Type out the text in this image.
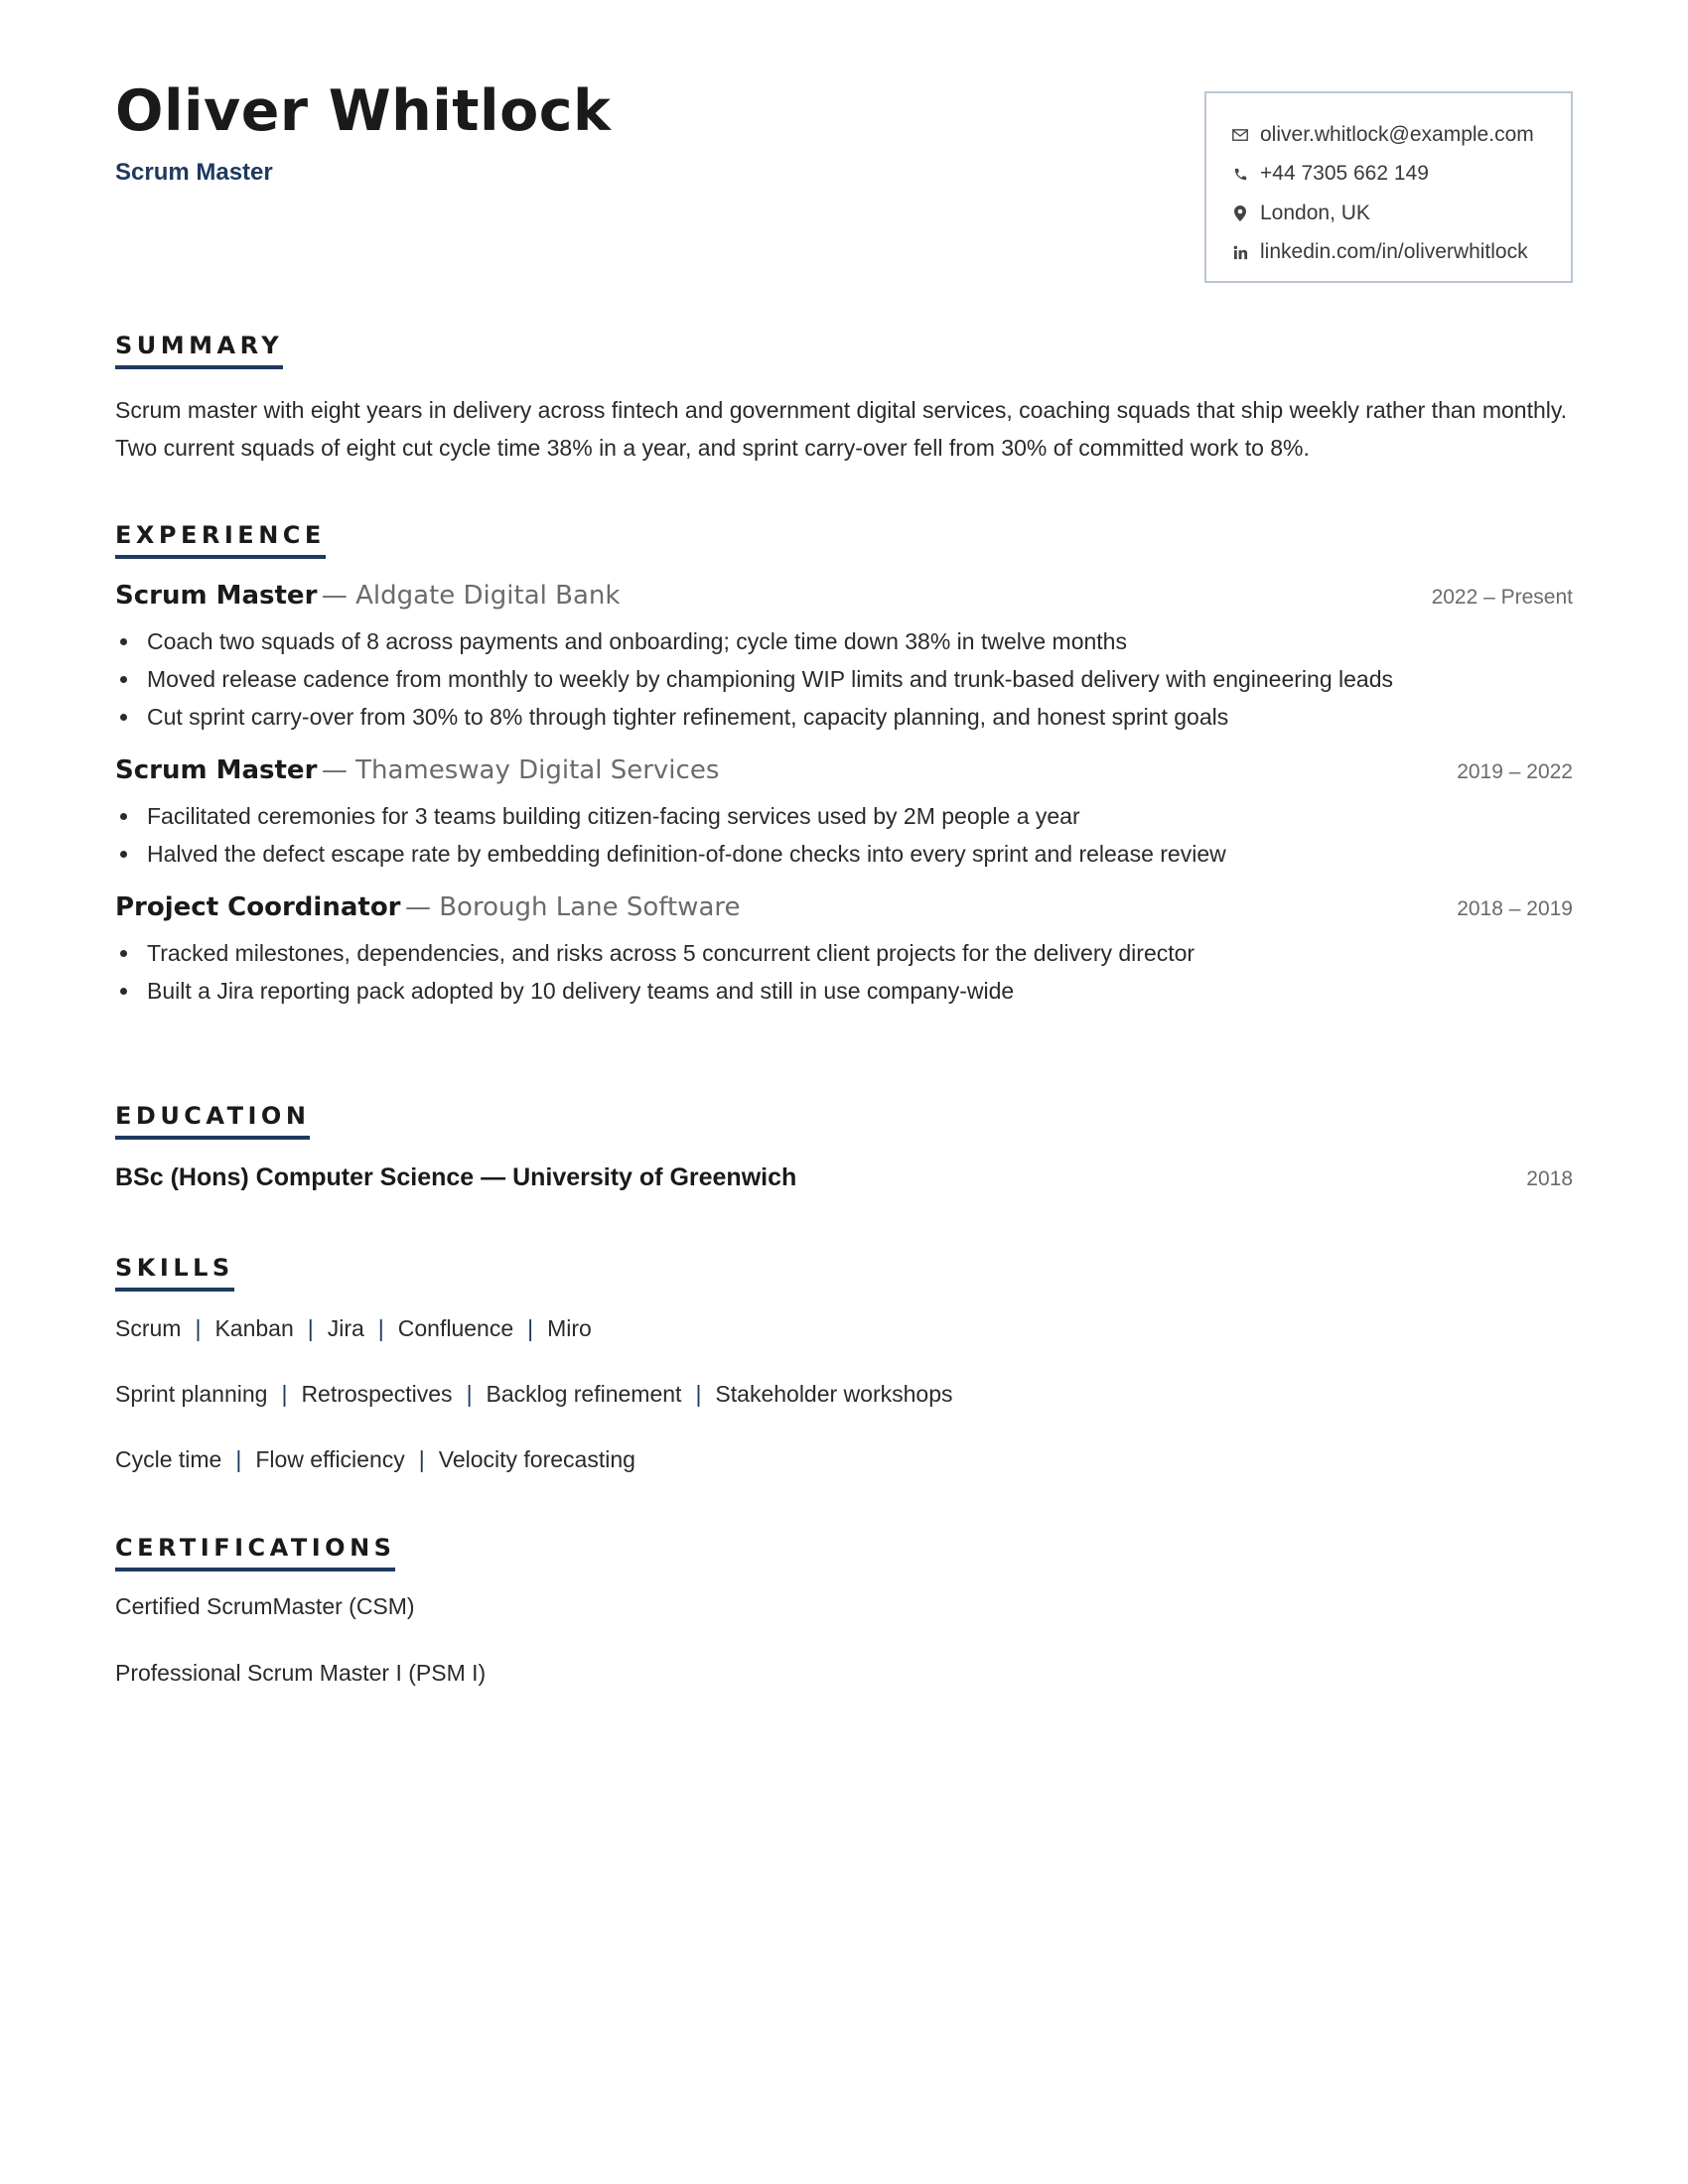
Oliver Whitlock
Scrum Master
oliver.whitlock@example.com
+44 7305 662 149
London, UK
linkedin.com/in/oliverwhitlock
SUMMARY

Scrum master with eight years in delivery across fintech and government digital services, coaching squads that ship weekly rather than monthly. Two current squads of eight cut cycle time 38% in a year, and sprint carry-over fell from 30% of committed work to 8%.

EXPERIENCE
Scrum Master — Aldgate Digital Bank	2022 – Present
Coach two squads of 8 across payments and onboarding; cycle time down 38% in twelve months
Moved release cadence from monthly to weekly by championing WIP limits and trunk-based delivery with engineering leads
Cut sprint carry-over from 30% to 8% through tighter refinement, capacity planning, and honest sprint goals
Scrum Master — Thamesway Digital Services	2019 – 2022
Facilitated ceremonies for 3 teams building citizen-facing services used by 2M people a year
Halved the defect escape rate by embedding definition-of-done checks into every sprint and release review
Project Coordinator — Borough Lane Software	2018 – 2019
Tracked milestones, dependencies, and risks across 5 concurrent client projects for the delivery director
Built a Jira reporting pack adopted by 10 delivery teams and still in use company-wide
EDUCATION
BSc (Hons) Computer Science — University of Greenwich	2018
SKILLS
Scrum | Kanban | Jira | Confluence | Miro
Sprint planning | Retrospectives | Backlog refinement | Stakeholder workshops
Cycle time | Flow efficiency | Velocity forecasting
CERTIFICATIONS
Certified ScrumMaster (CSM)
Professional Scrum Master I (PSM I)
